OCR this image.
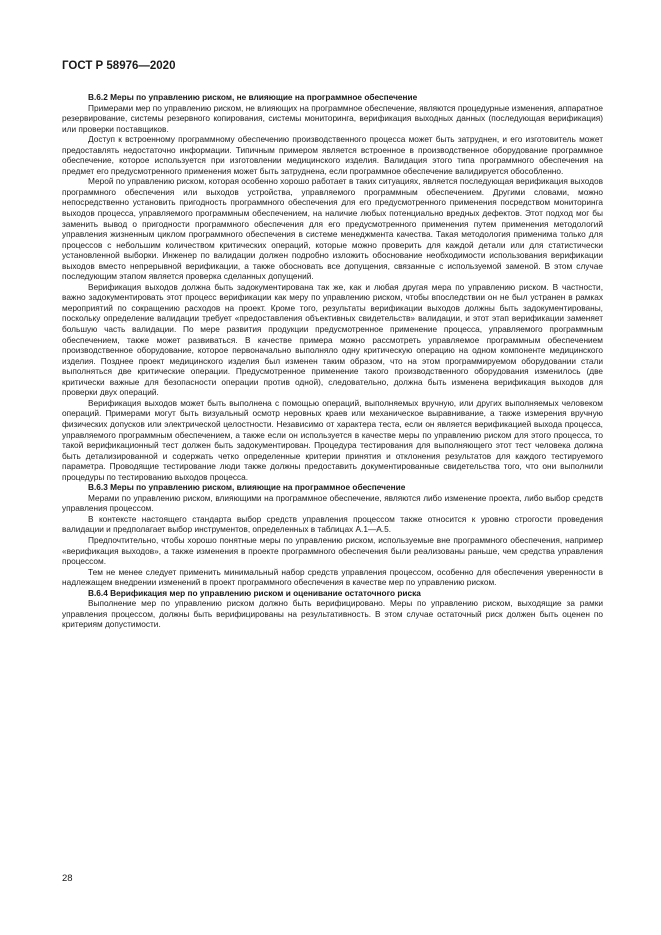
ГОСТ Р 58976—2020
B.6.2 Меры по управлению риском, не влияющие на программное обеспечение

Примерами мер по управлению риском, не влияющих на программное обеспечение, являются процедурные изменения, аппаратное резервирование, системы резервного копирования, системы мониторинга, верификация выходных данных (последующая верификация) или проверки поставщиков.

Доступ к встроенному программному обеспечению производственного процесса может быть затруднен, и его изготовитель может предоставлять недостаточно информации. Типичным примером является встроенное в производственное оборудование программное обеспечение, которое используется при изготовлении медицинского изделия. Валидация этого типа программного обеспечения на предмет его предусмотренного применения может быть затруднена, если программное обеспечение валидируется обособленно.

Мерой по управлению риском, которая особенно хорошо работает в таких ситуациях, является последующая верификация выходов программного обеспечения или выходов устройства, управляемого программным обеспечением. Другими словами, можно непосредственно установить пригодность программного обеспечения для его предусмотренного применения посредством мониторинга выходов процесса, управляемого программным обеспечением, на наличие любых потенциально вредных дефектов. Этот подход мог бы заменить вывод о пригодности программного обеспечения для его предусмотренного применения путем применения методологий управления жизненным циклом программного обеспечения в системе менеджмента качества. Такая методология применима только для процессов с небольшим количеством критических операций, которые можно проверить для каждой детали или для статистически установленной выборки. Инженер по валидации должен подробно изложить обоснование необходимости использования верификации выходов вместо непрерывной верификации, а также обосновать все допущения, связанные с используемой заменой. В этом случае последующим этапом является проверка сделанных допущений.

Верификация выходов должна быть задокументирована так же, как и любая другая мера по управлению риском. В частности, важно задокументировать этот процесс верификации как меру по управлению риском, чтобы впоследствии он не был устранен в рамках мероприятий по сокращению расходов на проект. Кроме того, результаты верификации выходов должны быть задокументированы, поскольку определение валидации требует «предоставления объективных свидетельств» валидации, и этот этап верификации заменяет большую часть валидации. По мере развития продукции предусмотренное применение процесса, управляемого программным обеспечением, также может развиваться. В качестве примера можно рассмотреть управляемое программным обеспечением производственное оборудование, которое первоначально выполняло одну критическую операцию на одном компоненте медицинского изделия. Позднее проект медицинского изделия был изменен таким образом, что на этом программируемом оборудовании стали выполняться две критические операции. Предусмотренное применение такого производственного оборудования изменилось (две критически важные для безопасности операции против одной), следовательно, должна быть изменена верификация выходов для проверки двух операций.

Верификация выходов может быть выполнена с помощью операций, выполняемых вручную, или других выполняемых человеком операций. Примерами могут быть визуальный осмотр неровных краев или механическое выравнивание, а также измерения вручную физических допусков или электрической целостности. Независимо от характера теста, если он является верификацией выхода процесса, управляемого программным обеспечением, а также если он используется в качестве меры по управлению риском для этого процесса, то такой верификационный тест должен быть задокументирован. Процедура тестирования для выполняющего этот тест человека должна быть детализированной и содержать четко определенные критерии принятия и отклонения результатов для каждого тестируемого параметра. Проводящие тестирование люди также должны предоставить документированные свидетельства того, что они выполнили процедуры по тестированию выходов процесса.

B.6.3 Меры по управлению риском, влияющие на программное обеспечение

Мерами по управлению риском, влияющими на программное обеспечение, являются либо изменение проекта, либо выбор средств управления процессом.

В контексте настоящего стандарта выбор средств управления процессом также относится к уровню строгости проведения валидации и предполагает выбор инструментов, определенных в таблицах А.1—А.5.

Предпочтительно, чтобы хорошо понятные меры по управлению риском, используемые вне программного обеспечения, например «верификация выходов», а также изменения в проекте программного обеспечения были реализованы раньше, чем средства управления процессом.

Тем не менее следует применить минимальный набор средств управления процессом, особенно для обеспечения уверенности в надлежащем внедрении изменений в проект программного обеспечения в качестве мер по управлению риском.

B.6.4 Верификация мер по управлению риском и оценивание остаточного риска

Выполнение мер по управлению риском должно быть верифицировано. Меры по управлению риском, выходящие за рамки управления процессом, должны быть верифицированы на результативность. В этом случае остаточный риск должен быть оценен по критериям допустимости.

28
